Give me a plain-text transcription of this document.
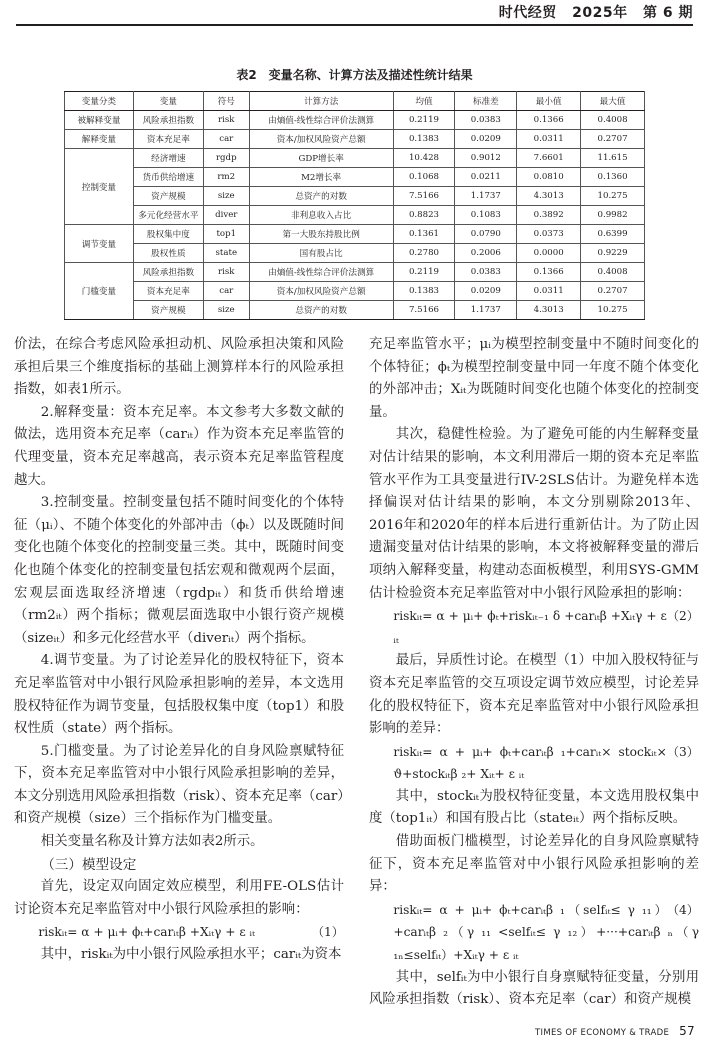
时代经贸 2025年 第 6 期
表2　变量名称、计算方法及描述性统计结果
变量分类	变量	符号	计算方法	均值	标准差	最小值	最大值
被解释变量	风险承担指数	risk	由熵值-线性综合评价法测算	0.2119	0.0383	0.1366	0.4008
解释变量	资本充足率	car	资本/加权风险资产总额	0.1383	0.0209	0.0311	0.2707
控制变量	经济增速	rgdp	GDP增长率	10.428	0.9012	7.6601	11.615
	货币供给增速	rm2	M2增长率	0.1068	0.0211	0.0810	0.1360
	资产规模	size	总资产的对数	7.5166	1.1737	4.3013	10.275
	多元化经营水平	diver	非利息收入占比	0.8823	0.1083	0.3892	0.9982
调节变量	股权集中度	top1	第一大股东持股比例	0.1361	0.0790	0.0373	0.6399
	股权性质	state	国有股占比	0.2780	0.2006	0.0000	0.9229
门槛变量	风险承担指数	risk	由熵值-线性综合评价法测算	0.2119	0.0383	0.1366	0.4008
	资本充足率	car	资本/加权风险资产总额	0.1383	0.0209	0.0311	0.2707
	资产规模	size	总资产的对数	7.5166	1.1737	4.3013	10.275

价法，在综合考虑风险承担动机、风险承担决策和风险承担后果三个维度指标的基础上测算样本行的风险承担指数，如表1所示。

2.解释变量：资本充足率。本文参考大多数文献的做法，选用资本充足率（carᵢₜ）作为资本充足率监管的代理变量，资本充足率越高，表示资本充足率监管程度越大。

3.控制变量。控制变量包括不随时间变化的个体特征（μᵢ）、不随个体变化的外部冲击（ϕₜ）以及既随时间变化也随个体变化的控制变量三类。其中，既随时间变化也随个体变化的控制变量包括宏观和微观两个层面，宏观层面选取经济增速（rgdpᵢₜ）和货币供给增速（rm2ᵢₜ）两个指标；微观层面选取中小银行资产规模（sizeᵢₜ）和多元化经营水平（diverᵢₜ）两个指标。

4.调节变量。为了讨论差异化的股权特征下，资本充足率监管对中小银行风险承担影响的差异，本文选用股权特征作为调节变量，包括股权集中度（top1）和股权性质（state）两个指标。

5.门槛变量。为了讨论差异化的自身风险禀赋特征下，资本充足率监管对中小银行风险承担影响的差异，本文分别选用风险承担指数（risk）、资本充足率（car）和资产规模（size）三个指标作为门槛变量。

相关变量名称及计算方法如表2所示。

（三）模型设定

首先，设定双向固定效应模型，利用FE-OLS估计讨论资本充足率监管对中小银行风险承担的影响：

（1）
riskᵢₜ= α + μᵢ+ ϕₜ+carᵢₜβ +Xᵢₜγ + ε ᵢₜ

其中，riskᵢₜ为中小银行风险承担水平；carᵢₜ为资本

充足率监管水平；μᵢ为模型控制变量中不随时间变化的个体特征；ϕₜ为模型控制变量中同一年度不随个体变化的外部冲击；Xᵢₜ为既随时间变化也随个体变化的控制变量。

其次，稳健性检验。为了避免可能的内生解释变量对估计结果的影响，本文利用滞后一期的资本充足率监管水平作为工具变量进行IV-2SLS估计。为避免样本选择偏误对估计结果的影响，本文分别剔除2013年、2016年和2020年的样本后进行重新估计。为了防止因遗漏变量对估计结果的影响，本文将被解释变量的滞后项纳入解释变量，构建动态面板模型，利用SYS-GMM估计检验资本充足率监管对中小银行风险承担的影响：

（2）
riskᵢₜ= α + μᵢ+ ϕₜ+riskᵢₜ₋₁ δ +carᵢₜβ +Xᵢₜγ + ε ᵢₜ

最后，异质性讨论。在模型（1）中加入股权特征与资本充足率监管的交互项设定调节效应模型，讨论差异化的股权特征下，资本充足率监管对中小银行风险承担影响的差异：

（3）
riskᵢₜ= α + μᵢ+ ϕₜ+carᵢₜβ ₁+carᵢₜ× stockᵢₜ× ϑ+stockᵢₜβ ₂+ Xᵢₜ+ ε ᵢₜ

其中，stockᵢₜ为股权特征变量，本文选用股权集中度（top1ᵢₜ）和国有股占比（stateᵢₜ）两个指标反映。

借助面板门槛模型，讨论差异化的自身风险禀赋特征下，资本充足率监管对中小银行风险承担影响的差异：

（4）
riskᵢₜ= α + μᵢ+ ϕₜ+carᵢₜβ ₁（selfᵢₜ≤ γ ₁₁）+carᵢₜβ ₂（γ ₁₁ <selfᵢₜ≤ γ ₁₂）+···+carᵢₜβ ₙ（γ ₁ₙ≤selfᵢₜ）+Xᵢₜγ + ε ᵢₜ

其中，selfᵢₜ为中小银行自身禀赋特征变量，分别用风险承担指数（risk）、资本充足率（car）和资产规模

TIMES OF ECONOMY & TRADE 57
